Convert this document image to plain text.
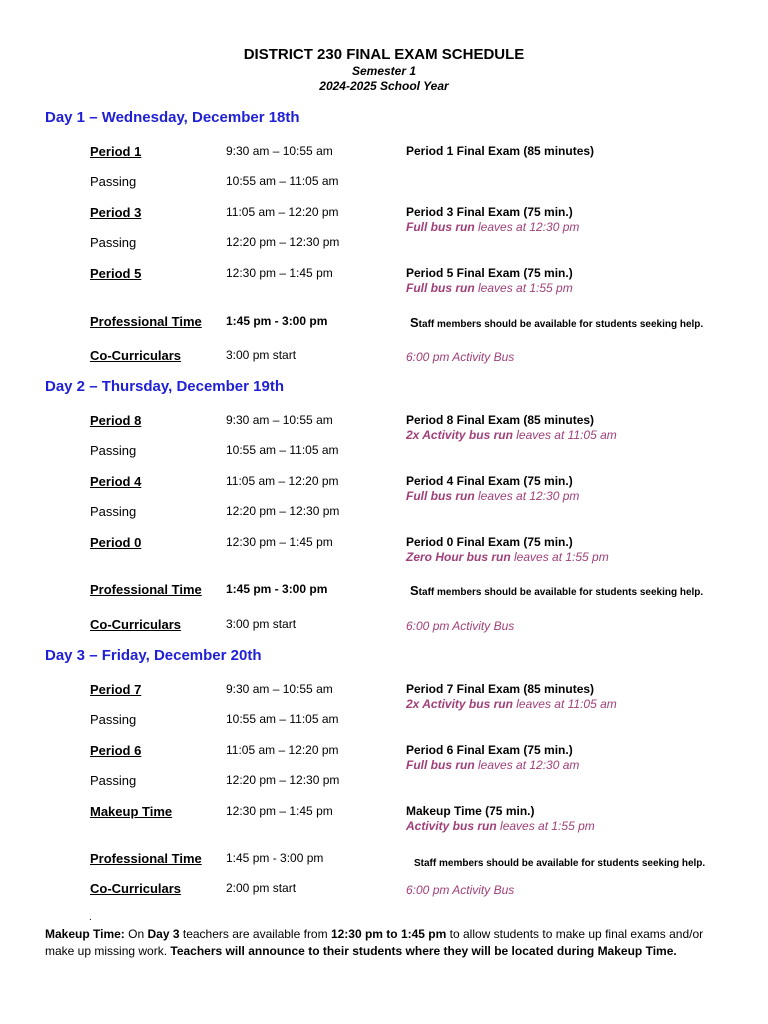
DISTRICT 230 FINAL EXAM SCHEDULE
Semester 1
2024-2025 School Year
Day 1 – Wednesday, December 18th
Period 1	9:30 am – 10:55 am	Period 1 Final Exam (85 minutes)
Passing	10:55 am – 11:05 am
Period 3	11:05 am – 12:20 pm	Period 3 Final Exam (75 min.)
Full bus run leaves at 12:30 pm
Passing	12:20 pm – 12:30 pm
Period 5	12:30 pm – 1:45 pm	Period 5 Final Exam (75 min.)
Full bus run leaves at 1:55 pm
Professional Time 1:45 pm - 3:00 pm	Staff members should be available for students seeking help.
Co-Curriculars	3:00 pm start	6:00 pm Activity Bus
Day 2 – Thursday, December 19th
Period 8	9:30 am – 10:55 am	Period 8 Final Exam (85 minutes)
2x Activity bus run leaves at 11:05 am
Passing	10:55 am – 11:05 am
Period 4	11:05 am – 12:20 pm	Period 4 Final Exam (75 min.)
Full bus run leaves at 12:30 pm
Passing	12:20 pm – 12:30 pm
Period 0	12:30 pm – 1:45 pm	Period 0 Final Exam (75 min.)
Zero Hour bus run leaves at 1:55 pm
Professional Time 1:45 pm - 3:00 pm	Staff members should be available for students seeking help.
Co-Curriculars	3:00 pm start	6:00 pm Activity Bus
Day 3 – Friday, December 20th
Period 7	9:30 am – 10:55 am	Period 7 Final Exam (85 minutes)
2x Activity bus run leaves at 11:05 am
Passing	10:55 am – 11:05 am
Period 6	11:05 am – 12:20 pm	Period 6 Final Exam (75 min.)
Full bus run leaves at 12:30 am
Passing	12:20 pm – 12:30 pm
Makeup Time	12:30 pm – 1:45 pm	Makeup Time (75 min.)
Activity bus run leaves at 1:55 pm
Professional Time 1:45 pm - 3:00 pm	Staff members should be available for students seeking help.
Co-Curriculars	2:00 pm start	6:00 pm Activity Bus
.
Makeup Time: On Day 3 teachers are available from 12:30 pm to 1:45 pm to allow students to make up final exams and/or make up missing work. Teachers will announce to their students where they will be located during Makeup Time.
